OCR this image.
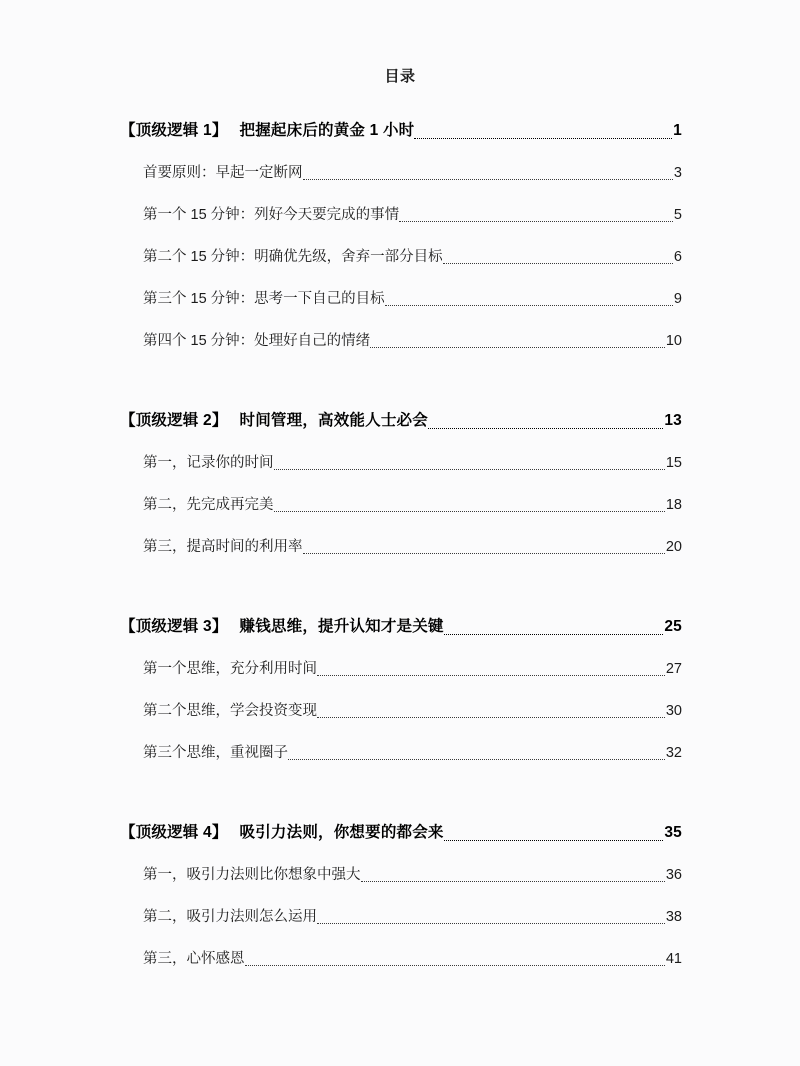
目录
【顶级逻辑 1】 把握起床后的黄金 1 小时	1
首要原则：早起一定断网	3
第一个 15 分钟：列好今天要完成的事情	5
第二个 15 分钟：明确优先级，舍弃一部分目标	6
第三个 15 分钟：思考一下自己的目标	9
第四个 15 分钟：处理好自己的情绪	10
【顶级逻辑 2】 时间管理，高效能人士必会	13
第一，记录你的时间	15
第二，先完成再完美	18
第三，提高时间的利用率	20
【顶级逻辑 3】 赚钱思维，提升认知才是关键	25
第一个思维，充分利用时间	27
第二个思维，学会投资变现	30
第三个思维，重视圈子	32
【顶级逻辑 4】 吸引力法则，你想要的都会来	35
第一，吸引力法则比你想象中强大	36
第二，吸引力法则怎么运用	38
第三，心怀感恩	41
